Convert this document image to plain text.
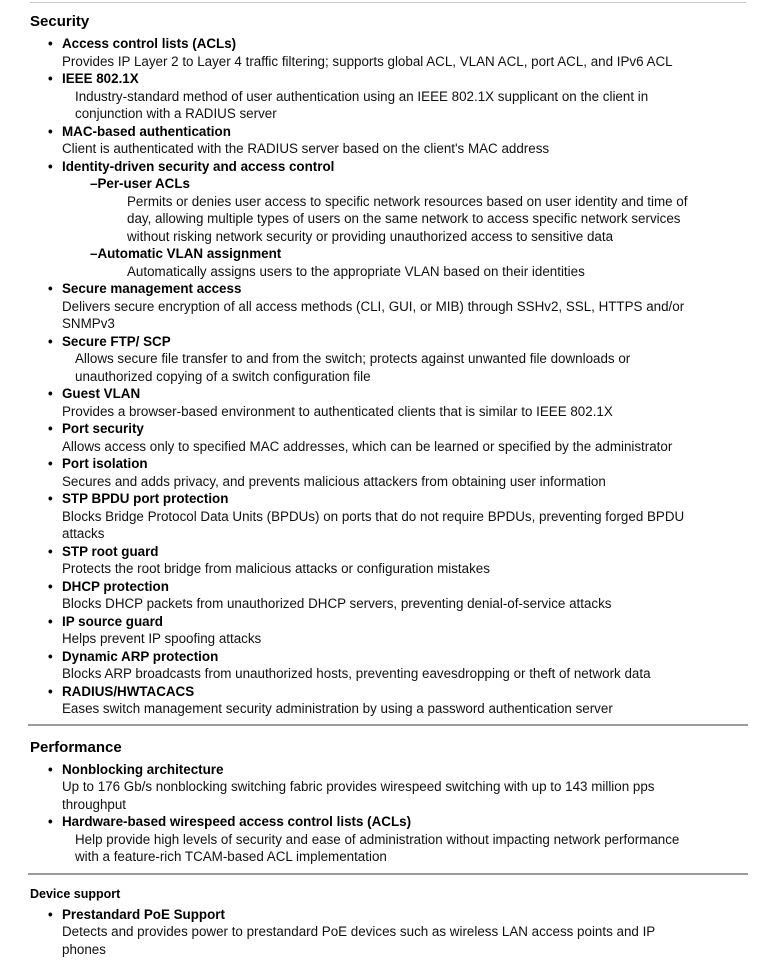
Security
• Access control lists (ACLs)
Provides IP Layer 2 to Layer 4 traffic filtering; supports global ACL, VLAN ACL, port ACL, and IPv6 ACL
• IEEE 802.1X
Industry-standard method of user authentication using an IEEE 802.1X supplicant on the client in
conjunction with a RADIUS server
• MAC-based authentication
Client is authenticated with the RADIUS server based on the client's MAC address
• Identity-driven security and access control
–Per-user ACLs
Permits or denies user access to specific network resources based on user identity and time of
day, allowing multiple types of users on the same network to access specific network services
without risking network security or providing unauthorized access to sensitive data
–Automatic VLAN assignment
Automatically assigns users to the appropriate VLAN based on their identities
• Secure management access
Delivers secure encryption of all access methods (CLI, GUI, or MIB) through SSHv2, SSL, HTTPS and/or
SNMPv3
• Secure FTP/ SCP
Allows secure file transfer to and from the switch; protects against unwanted file downloads or
unauthorized copying of a switch configuration file
• Guest VLAN
Provides a browser-based environment to authenticated clients that is similar to IEEE 802.1X
• Port security
Allows access only to specified MAC addresses, which can be learned or specified by the administrator
• Port isolation
Secures and adds privacy, and prevents malicious attackers from obtaining user information
• STP BPDU port protection
Blocks Bridge Protocol Data Units (BPDUs) on ports that do not require BPDUs, preventing forged BPDU
attacks
• STP root guard
Protects the root bridge from malicious attacks or configuration mistakes
• DHCP protection
Blocks DHCP packets from unauthorized DHCP servers, preventing denial-of-service attacks
• IP source guard
Helps prevent IP spoofing attacks
• Dynamic ARP protection
Blocks ARP broadcasts from unauthorized hosts, preventing eavesdropping or theft of network data
• RADIUS/HWTACACS
Eases switch management security administration by using a password authentication server
Performance
• Nonblocking architecture
Up to 176 Gb/s nonblocking switching fabric provides wirespeed switching with up to 143 million pps
throughput
• Hardware-based wirespeed access control lists (ACLs)
Help provide high levels of security and ease of administration without impacting network performance
with a feature-rich TCAM-based ACL implementation
Device support
• Prestandard PoE Support
Detects and provides power to prestandard PoE devices such as wireless LAN access points and IP
phones
